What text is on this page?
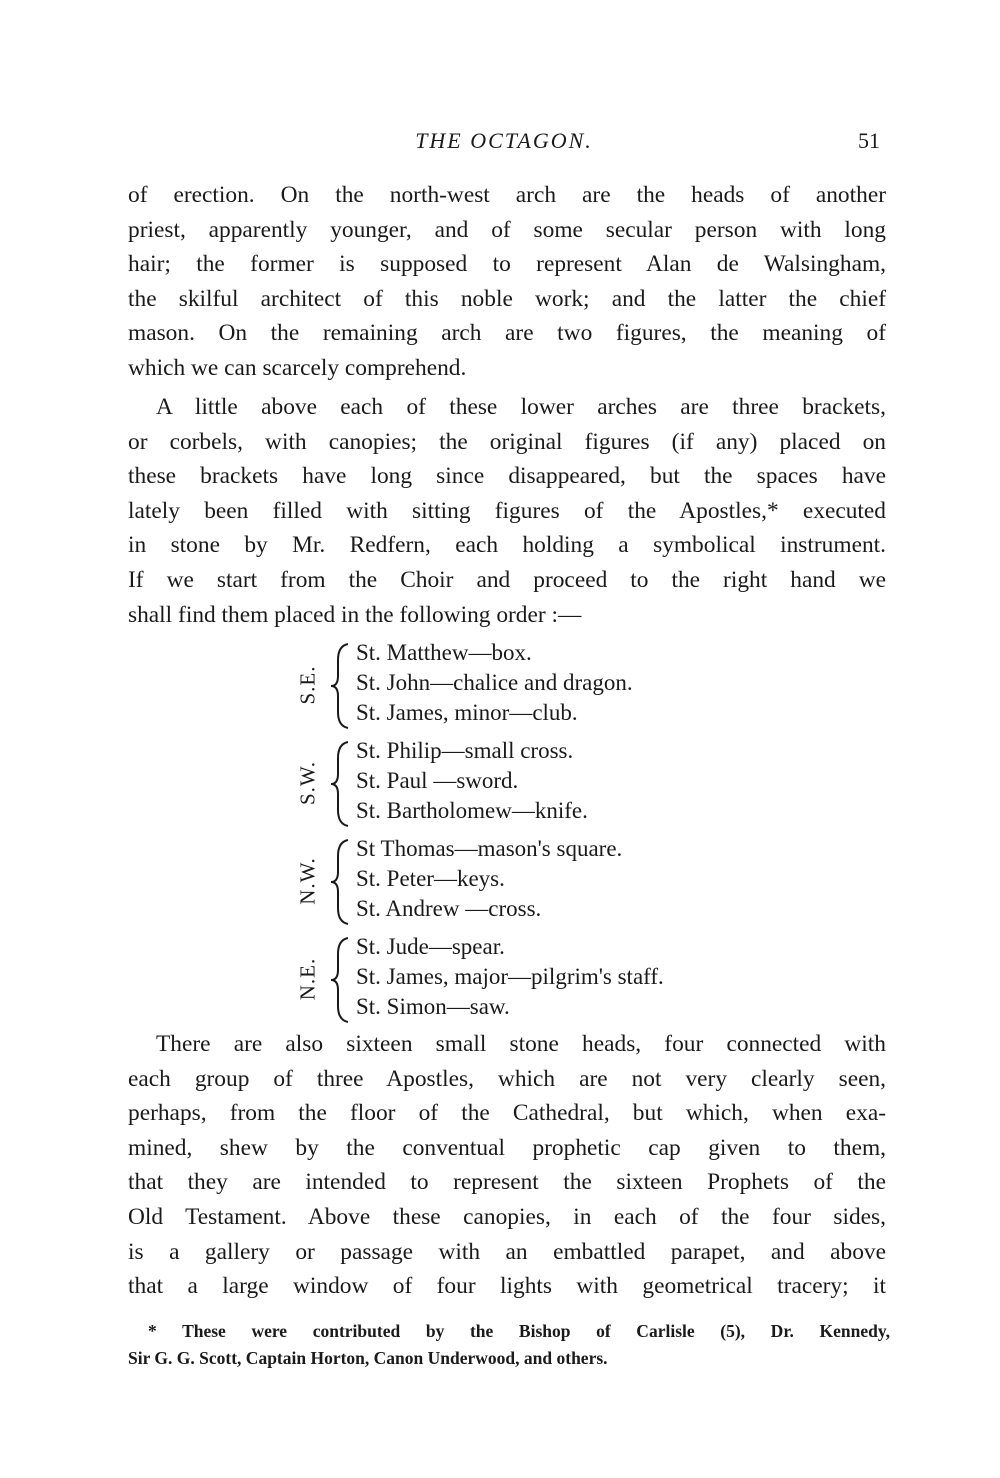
THE OCTAGON.	51
of erection. On the north-west arch are the heads of another
priest, apparently younger, and of some secular person with long
hair; the former is supposed to represent Alan de Walsingham,
the skilful architect of this noble work; and the latter the chief
mason. On the remaining arch are two figures, the meaning of
which we can scarcely comprehend.
A little above each of these lower arches are three brackets,
or corbels, with canopies; the original figures (if any) placed on
these brackets have long since disappeared, but the spaces have
lately been filled with sitting figures of the Apostles,* executed
in stone by Mr. Redfern, each holding a symbolical instrument.
If we start from the Choir and proceed to the right hand we
shall find them placed in the following order :—
S.E.
St. Matthew—box.
St. John—chalice and dragon.
St. James, minor—club.
S.W.
St. Philip—small cross.
St. Paul —sword.
St. Bartholomew—knife.
N.W.
St Thomas—mason's square.
St. Peter—keys.
St. Andrew —cross.
N.E.
St. Jude—spear.
St. James, major—pilgrim's staff.
St. Simon—saw.
There are also sixteen small stone heads, four connected with
each group of three Apostles, which are not very clearly seen,
perhaps, from the floor of the Cathedral, but which, when exa-
mined, shew by the conventual prophetic cap given to them,
that they are intended to represent the sixteen Prophets of the
Old Testament. Above these canopies, in each of the four sides,
is a gallery or passage with an embattled parapet, and above
that a large window of four lights with geometrical tracery; it
* These were contributed by the Bishop of Carlisle (5), Dr. Kennedy,
Sir G. G. Scott, Captain Horton, Canon Underwood, and others.
